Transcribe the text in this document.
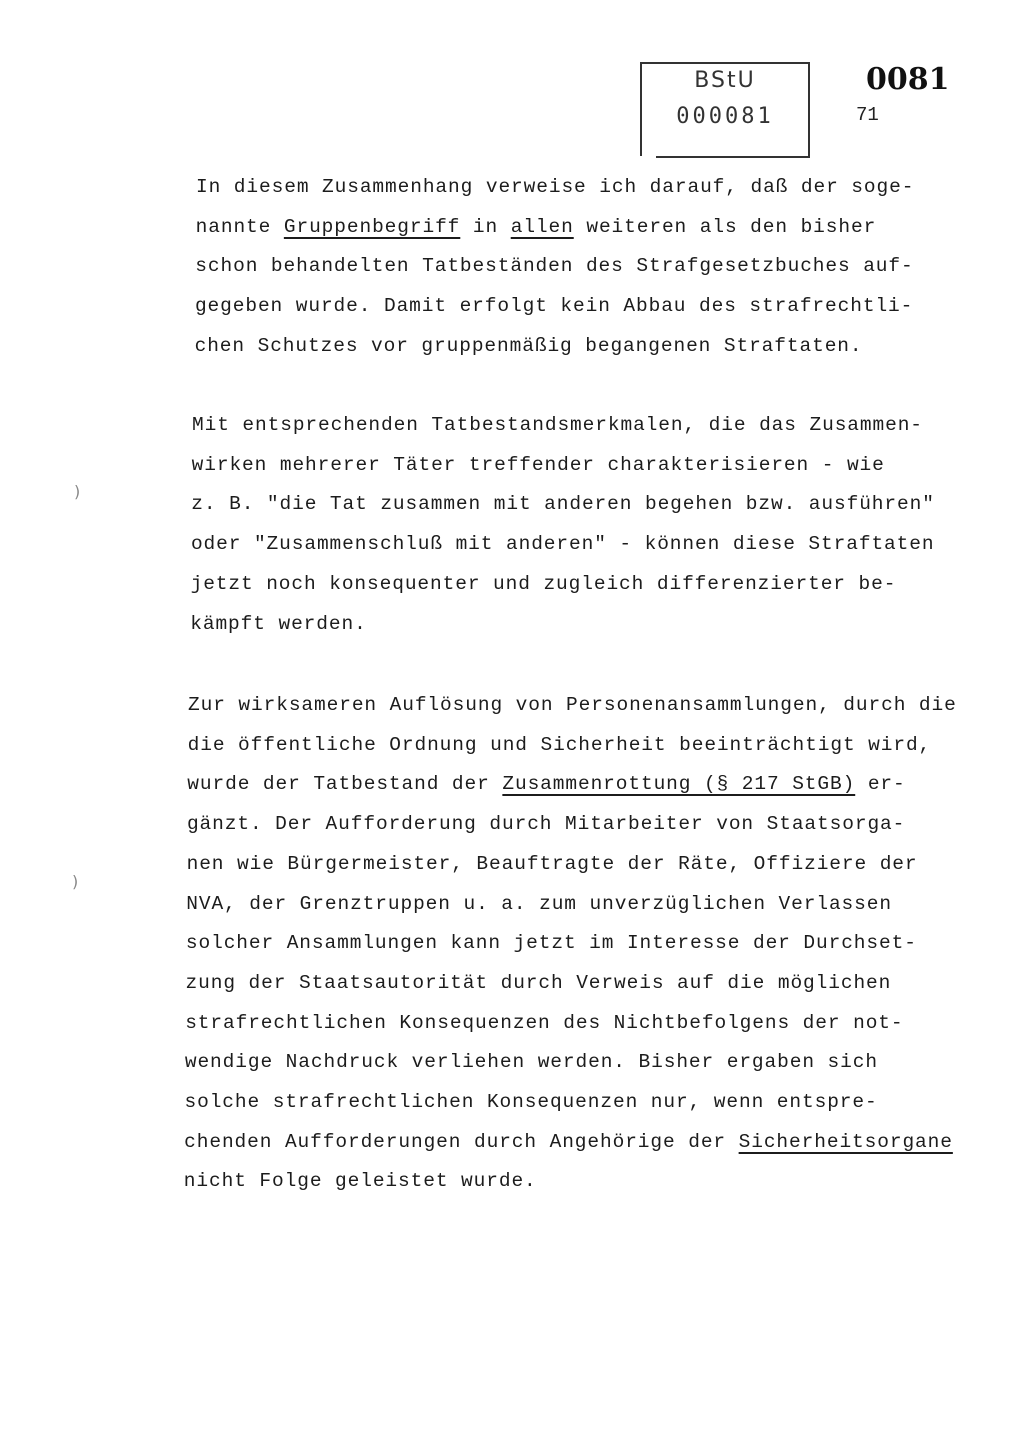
BStU
000081
0081
71
)
)
In diesem Zusammenhang verweise ich darauf, daß der soge-
nannte Gruppenbegriff in allen weiteren als den bisher
schon behandelten Tatbeständen des Strafgesetzbuches auf-
gegeben wurde. Damit erfolgt kein Abbau des strafrechtli-
chen Schutzes vor gruppenmäßig begangenen Straftaten.
Mit entsprechenden Tatbestandsmerkmalen, die das Zusammen-
wirken mehrerer Täter treffender charakterisieren - wie
z. B. "die Tat zusammen mit anderen begehen bzw. ausführen"
oder "Zusammenschluß mit anderen" - können diese Straftaten
jetzt noch konsequenter und zugleich differenzierter be-
kämpft werden.
Zur wirksameren Auflösung von Personenansammlungen, durch die
die öffentliche Ordnung und Sicherheit beeinträchtigt wird,
wurde der Tatbestand der Zusammenrottung (§ 217 StGB) er-
gänzt. Der Aufforderung durch Mitarbeiter von Staatsorga-
nen wie Bürgermeister, Beauftragte der Räte, Offiziere der
NVA, der Grenztruppen u. a. zum unverzüglichen Verlassen
solcher Ansammlungen kann jetzt im Interesse der Durchset-
zung der Staatsautorität durch Verweis auf die möglichen
strafrechtlichen Konsequenzen des Nichtbefolgens der not-
wendige Nachdruck verliehen werden. Bisher ergaben sich
solche strafrechtlichen Konsequenzen nur, wenn entspre-
chenden Aufforderungen durch Angehörige der Sicherheitsorgane
nicht Folge geleistet wurde.
